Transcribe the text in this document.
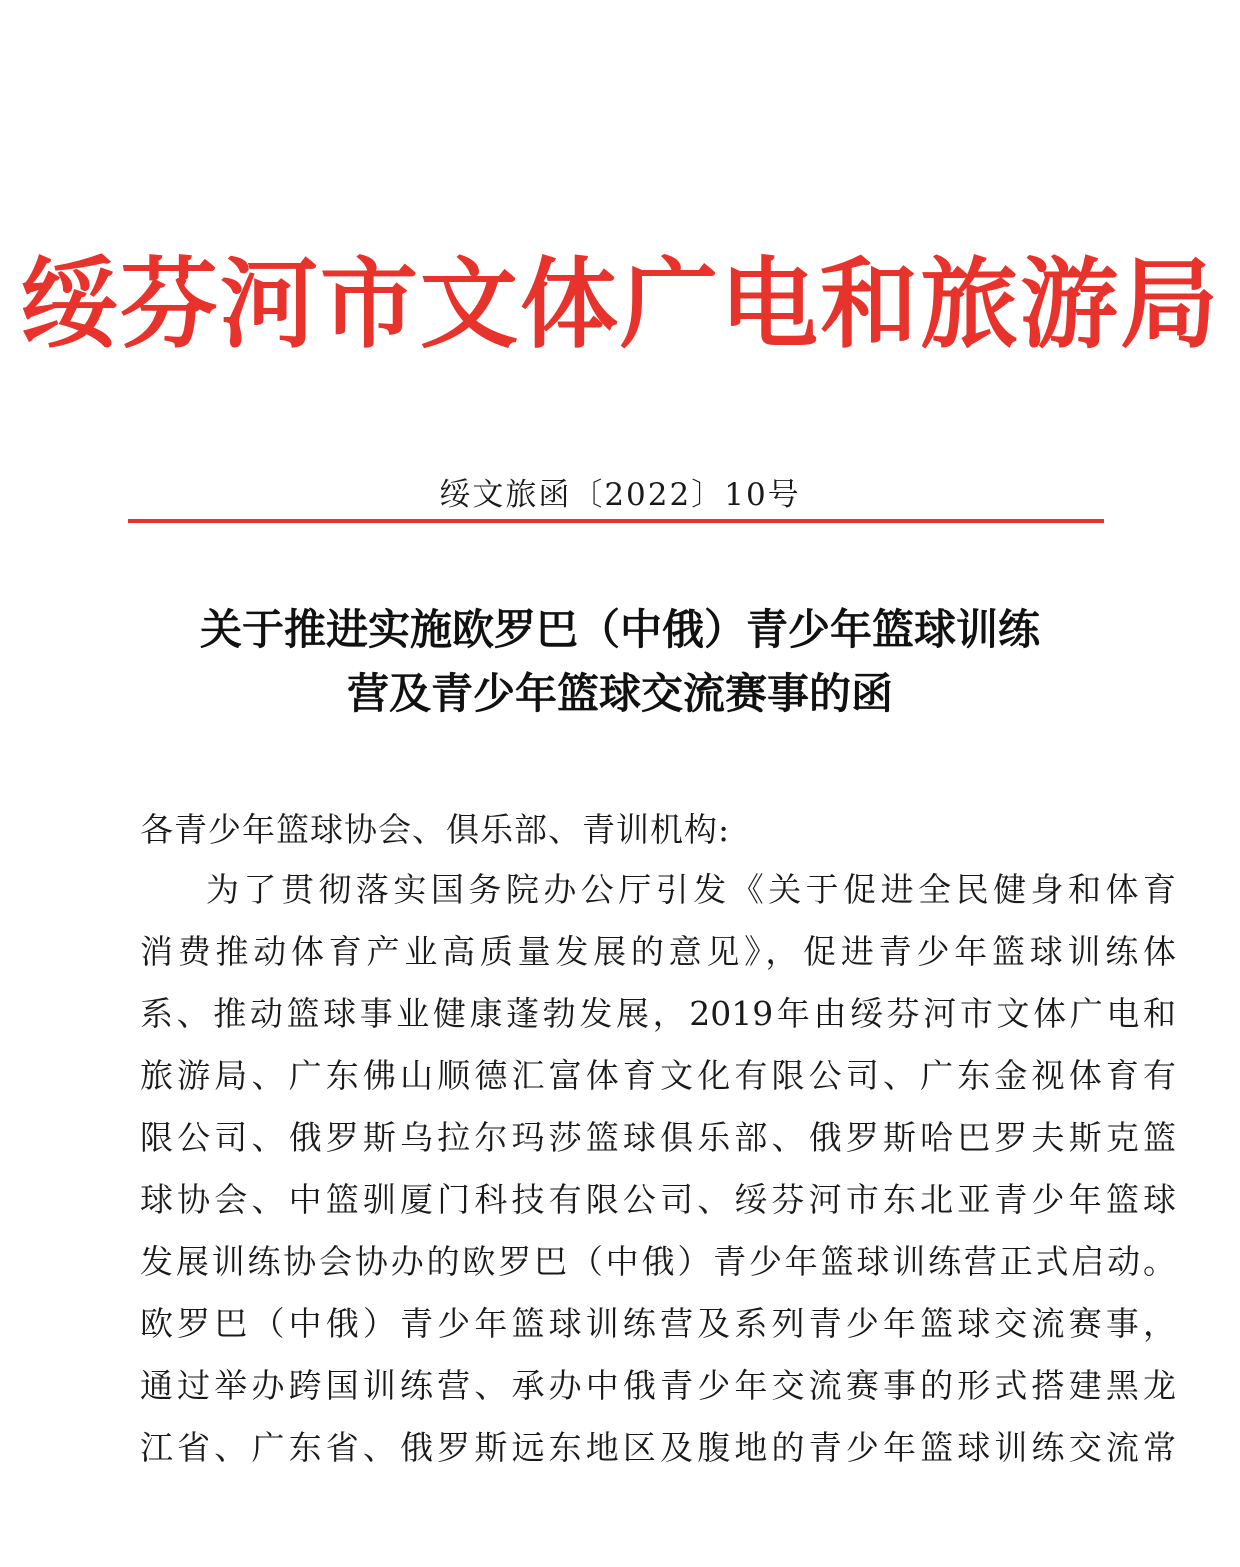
绥芬河市文体广电和旅游局
绥文旅函〔2022〕10号
关于推进实施欧罗巴（中俄）青少年篮球训练
营及青少年篮球交流赛事的函
各青少年篮球协会、俱乐部、青训机构:
为了贯彻落实国务院办公厅引发《关于促进全民健身和体育
消费推动体育产业高质量发展的意见》，促进青少年篮球训练体
系、推动篮球事业健康蓬勃发展，2019年由绥芬河市文体广电和
旅游局、广东佛山顺德汇富体育文化有限公司、广东金视体育有
限公司、俄罗斯乌拉尔玛莎篮球俱乐部、俄罗斯哈巴罗夫斯克篮
球协会、中篮驯厦门科技有限公司、绥芬河市东北亚青少年篮球
发展训练协会协办的欧罗巴（中俄）青少年篮球训练营正式启动。
欧罗巴（中俄）青少年篮球训练营及系列青少年篮球交流赛事，
通过举办跨国训练营、承办中俄青少年交流赛事的形式搭建黑龙
江省、广东省、俄罗斯远东地区及腹地的青少年篮球训练交流常
